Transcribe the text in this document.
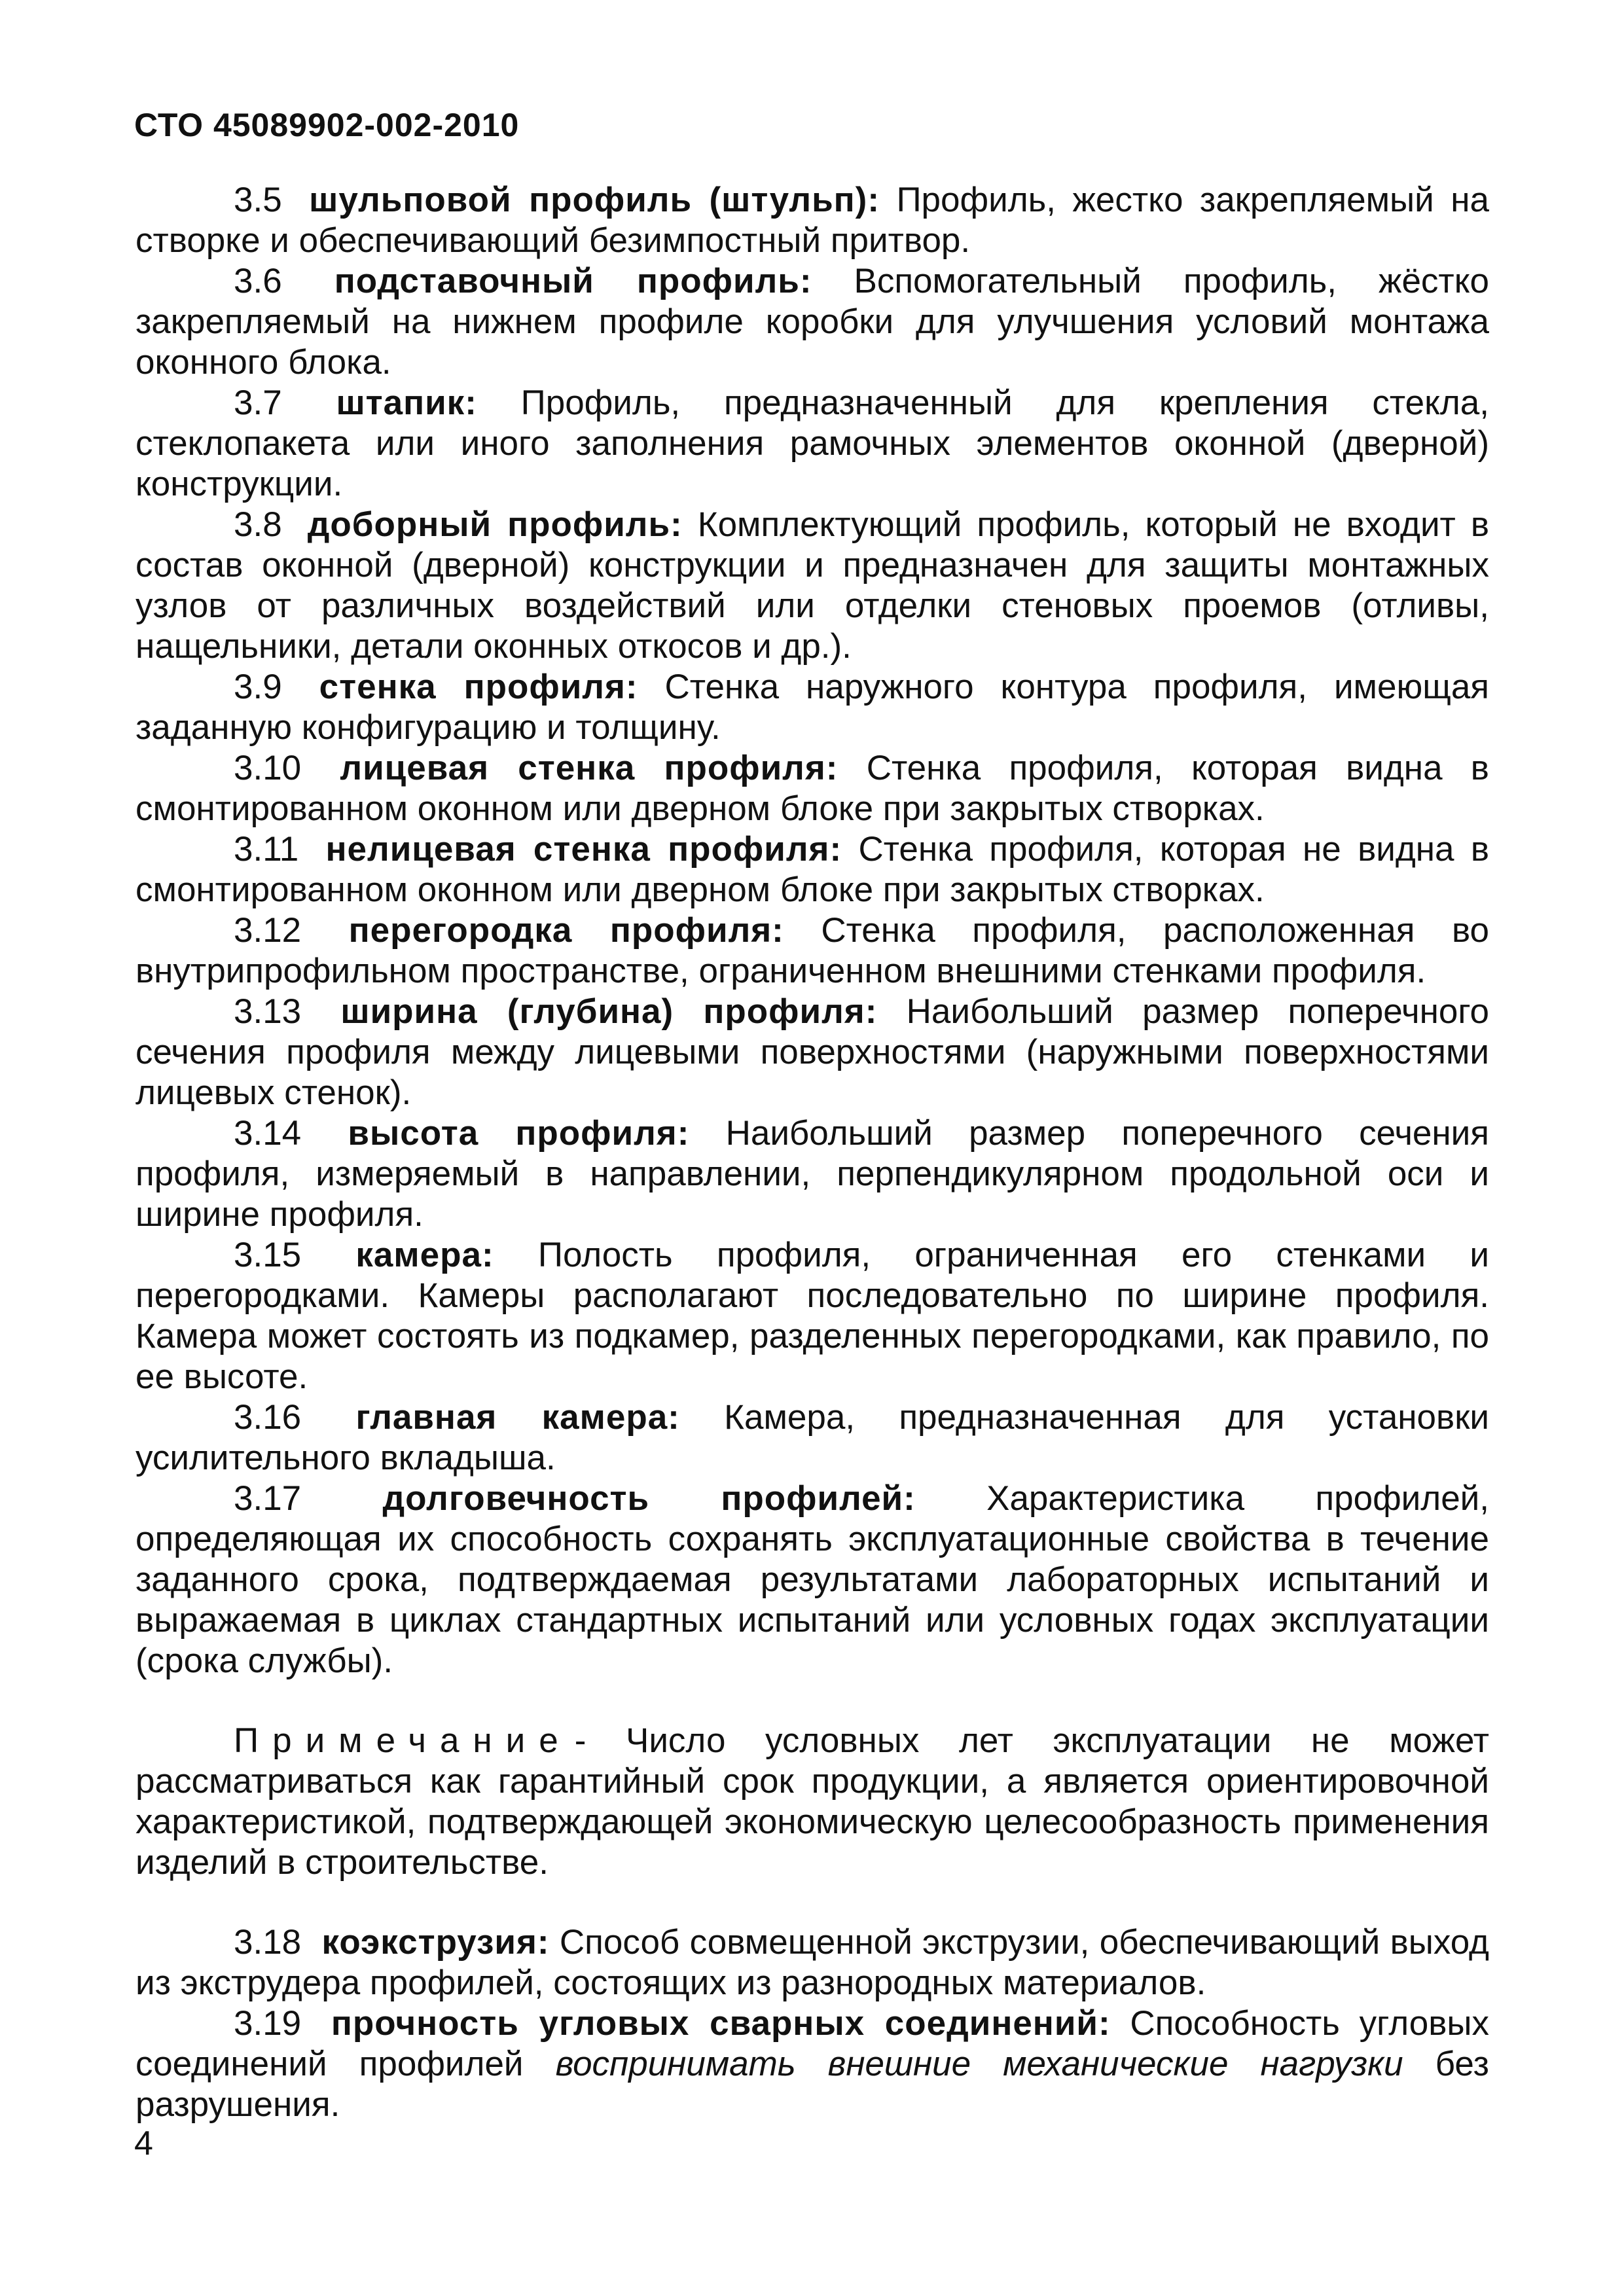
СТО 45089902-002-2010

3.5 шульповой профиль (штульп): Профиль, жестко закрепляемый на створке и обеспечивающий безимпостный притвор.

3.6 подставочный профиль: Вспомогательный профиль, жёстко закрепляемый на нижнем профиле коробки для улучшения условий монтажа оконного блока.

3.7 штапик: Профиль, предназначенный для крепления стекла, стеклопакета или иного заполнения рамочных элементов оконной (дверной) конструкции.

3.8 доборный профиль: Комплектующий профиль, который не входит в состав оконной (дверной) конструкции и предназначен для защиты монтажных узлов от различных воздействий или отделки стеновых проемов (отливы, нащельники, детали оконных откосов и др.).

3.9 стенка профиля: Стенка наружного контура профиля, имеющая заданную конфигурацию и толщину.

3.10 лицевая стенка профиля: Стенка профиля, которая видна в смонтированном оконном или дверном блоке при закрытых створках.

3.11 нелицевая стенка профиля: Стенка профиля, которая не видна в смонтированном оконном или дверном блоке при закрытых створках.

3.12 перегородка профиля: Стенка профиля, расположенная во внутрипрофильном пространстве, ограниченном внешними стенками профиля.

3.13 ширина (глубина) профиля: Наибольший размер поперечного сечения профиля между лицевыми поверхностями (наружными поверхностями лицевых стенок).

3.14 высота профиля: Наибольший размер поперечного сечения профиля, измеряемый в направлении, перпендикулярном продольной оси и ширине профиля.

3.15 камера: Полость профиля, ограниченная его стенками и перегородками. Камеры располагают последовательно по ширине профиля. Камера может состоять из подкамер, разделенных перегородками, как правило, по ее высоте.

3.16 главная камера: Камера, предназначенная для установки усилительного вкладыша.

3.17 долговечность профилей: Характеристика профилей, определяющая их способность сохранять эксплуатационные свойства в течение заданного срока, подтверждаемая результатами лабораторных испытаний и выражаемая в циклах стандартных испытаний или условных годах эксплуатации (срока службы).

Примечание- Число условных лет эксплуатации не может рассматриваться как гарантийный срок продукции, а является ориентировочной характеристикой, подтверждающей экономическую целесообразность применения изделий в строительстве.

3.18 коэкструзия: Способ совмещенной экструзии, обеспечивающий выход из экструдера профилей, состоящих из разнородных материалов.

3.19 прочность угловых сварных соединений: Способность угловых соединений профилей воспринимать внешние механические нагрузки без разрушения.

4
